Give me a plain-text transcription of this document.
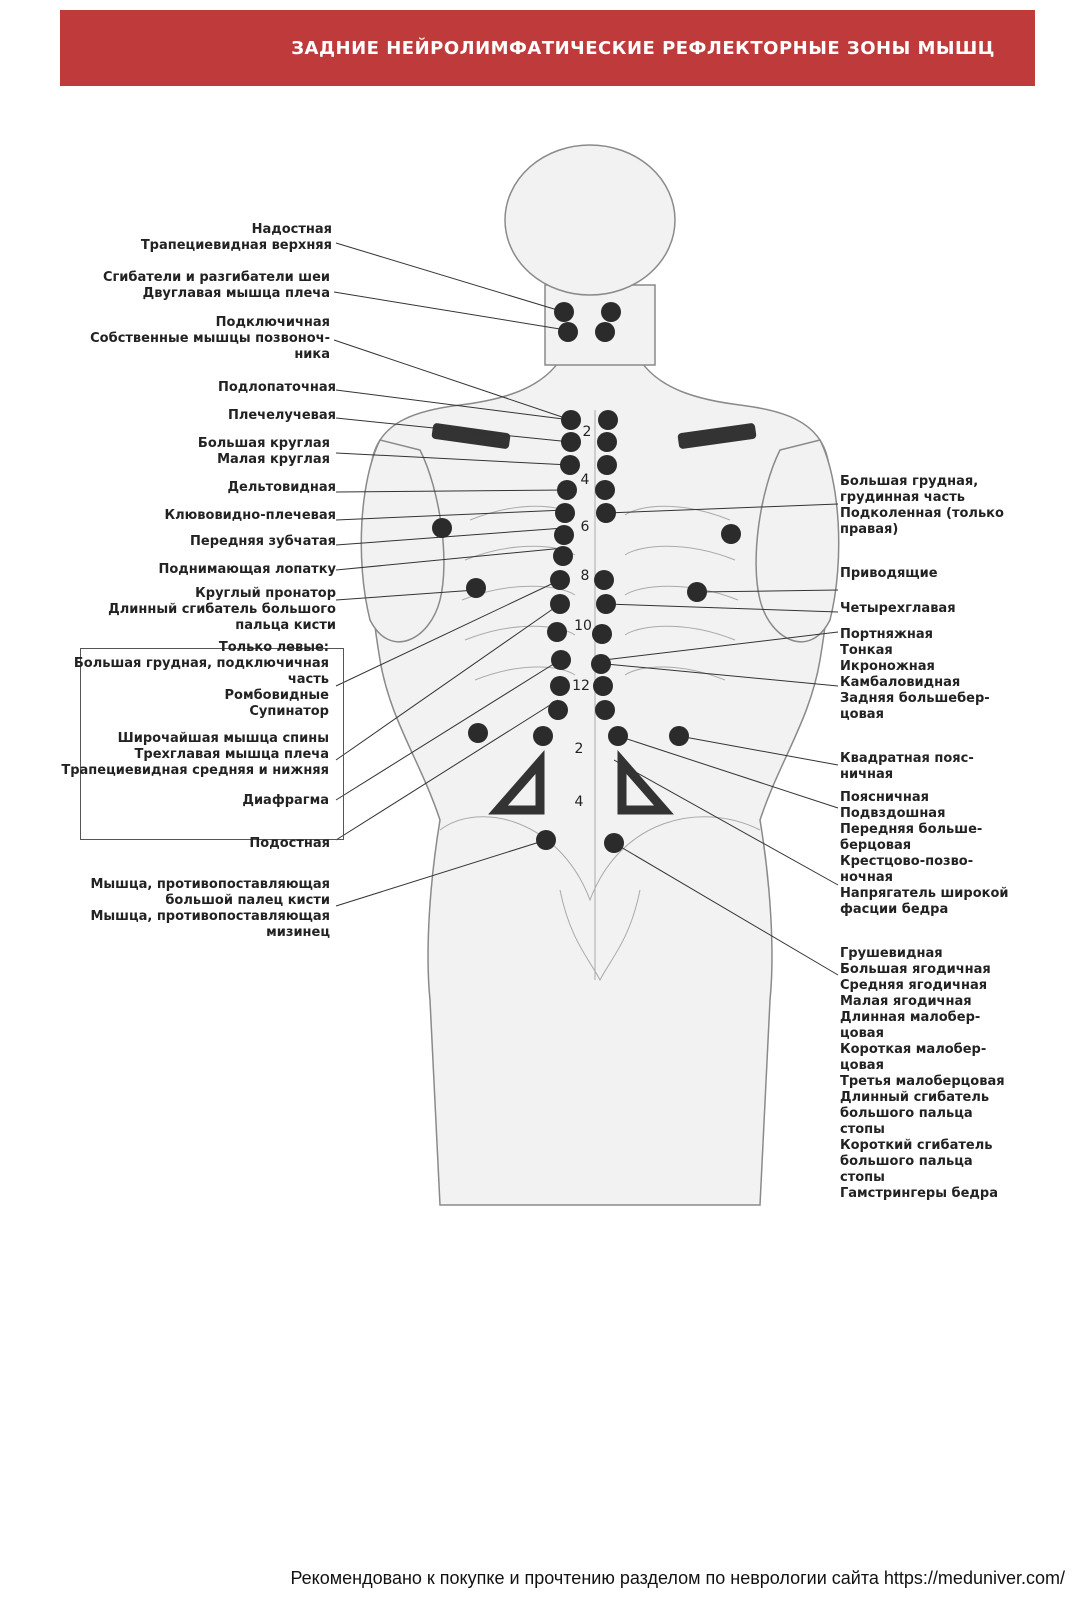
ЗАДНИЕ НЕЙРОЛИМФАТИЧЕСКИЕ РЕФЛЕКТОРНЫЕ ЗОНЫ МЫШЦ
2
4
6
8
10
12
2
4
Надостная
Трапециевидная верхняя
Сгибатели и разгибатели шеи
Двуглавая мышца плеча
Подключичная
Собственные мышцы позвоноч-
ника
Подлопаточная
Плечелучевая
Большая круглая
Малая круглая
Дельтовидная
Клювовидно-плечевая
Передняя зубчатая
Поднимающая лопатку
Круглый пронатор
Длинный сгибатель большого
пальца кисти
Только левые:
Большая грудная, подключичная
часть
Ромбовидные
Супинатор
Широчайшая мышца спины
Трехглавая мышца плеча
Трапециевидная средняя и нижняя
Диафрагма
Подостная
Мышца, противопоставляющая
большой палец кисти
Мышца, противопоставляющая
мизинец
Большая грудная,
грудинная часть
Подколенная (только
правая)
Приводящие
Четырехглавая
Портняжная
Тонкая
Икроножная
Камбаловидная
Задняя большебер-
цовая
Квадратная пояс-
ничная
Поясничная
Подвздошная
Передняя больше-
берцовая
Крестцово-позво-
ночная
Напрягатель широкой
фасции бедра
Грушевидная
Большая ягодичная
Средняя ягодичная
Малая ягодичная
Длинная малобер-
цовая
Короткая малобер-
цовая
Третья малоберцовая
Длинный сгибатель
большого пальца
стопы
Короткий сгибатель
большого пальца
стопы
Гамстрингеры бедра
Рекомендовано к покупке и прочтению разделом по неврологии сайта https://meduniver.com/
